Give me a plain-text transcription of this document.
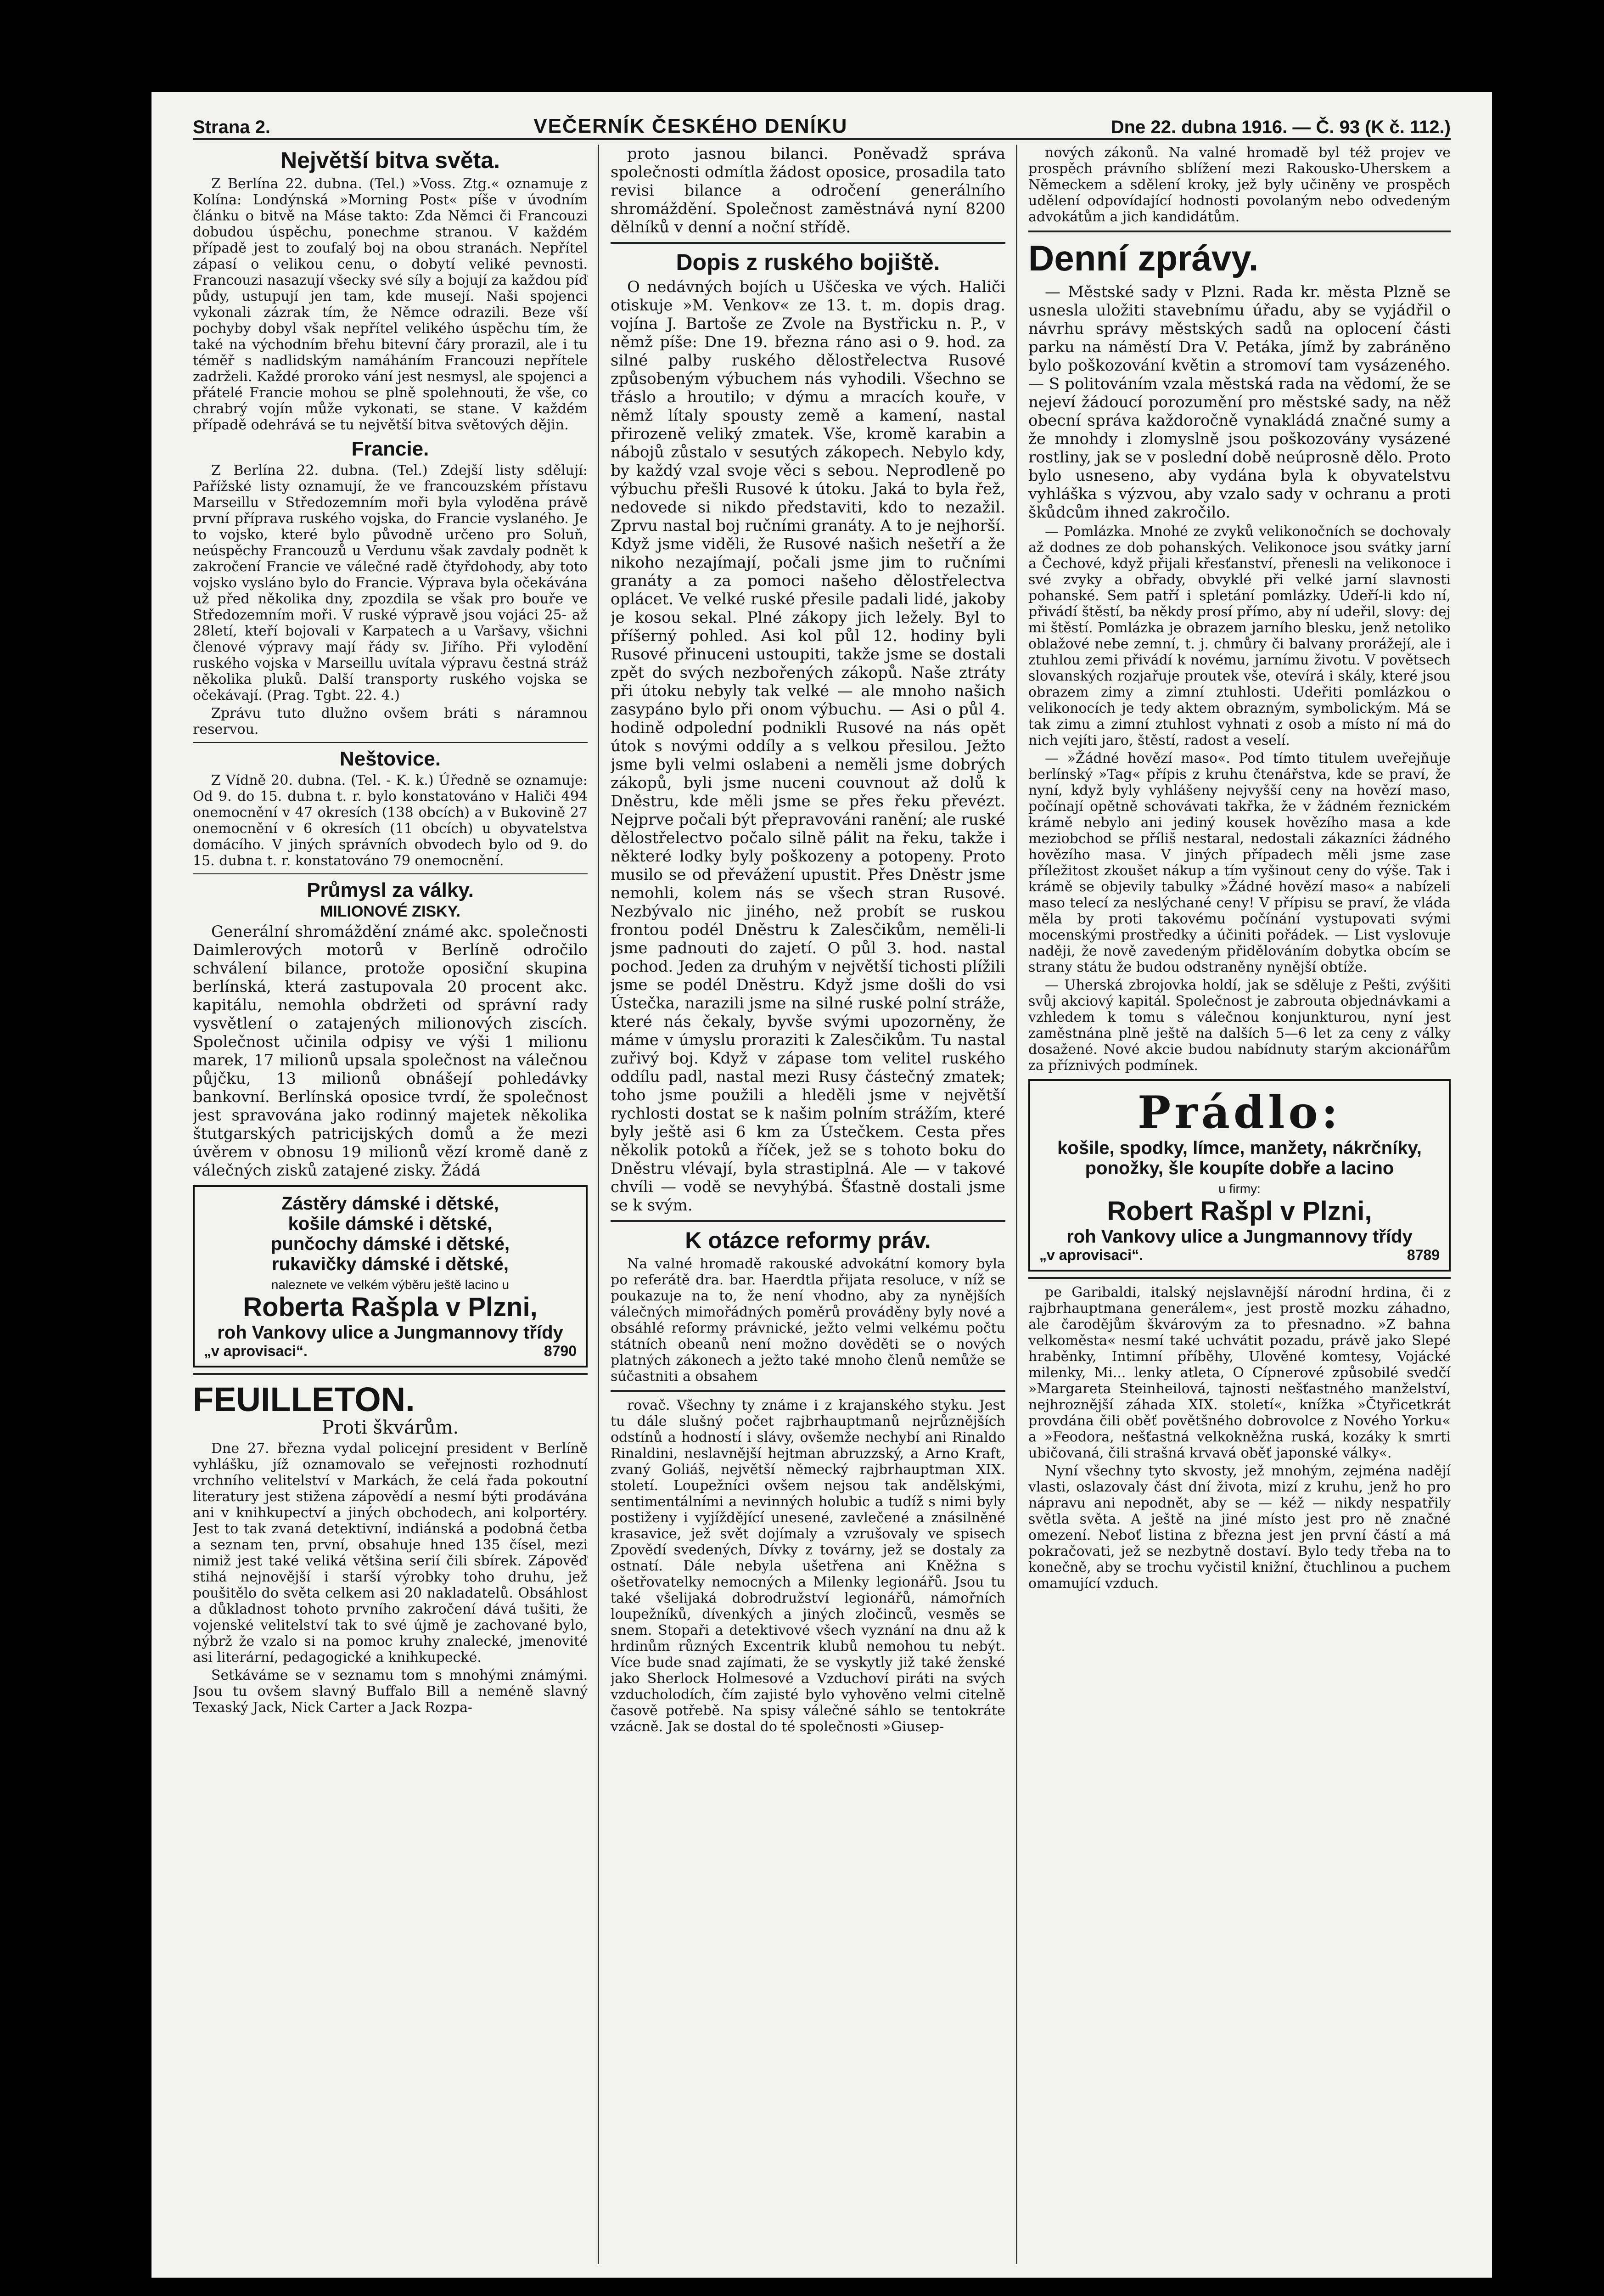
Strana 2.	VEČERNÍK ČESKÉHO DENÍKU	Dne 22. dubna 1916. — Č. 93 (K č. 112.)
Největší bitva světa.

Z Berlína 22. dubna. (Tel.) »Voss. Ztg.« oznamuje z Kolína: Londýnská »Morning Post« píše v úvodním článku o bitvě na Máse takto: Zda Němci či Francouzi dobudou úspěchu, ponechme stranou. V každém případě jest to zoufalý boj na obou stranách. Nepřítel zápasí o velikou cenu, o dobytí veliké pevnosti. Francouzi nasazují všecky své síly a bojují za každou píď půdy, ustupují jen tam, kde musejí. Naši spojenci vykonali zázrak tím, že Němce odrazili. Beze vší pochyby dobyl však nepřítel velikého úspěchu tím, že také na východním břehu bitevní čáry prorazil, ale i tu téměř s nadlidským namáháním Francouzi nepřítele zadrželi. Každé proroko vání jest nesmysl, ale spojenci a přátelé Francie mohou se plně spolehnouti, že vše, co chrabrý vojín může vykonati, se stane. V každém případě odehrává se tu největší bitva světových dějin.

Francie.

Z Berlína 22. dubna. (Tel.) Zdejší listy sdělují: Pařížské listy oznamují, že ve francouzském přístavu Marseillu v Středozemním moři byla vyloděna právě první příprava ruského vojska, do Francie vyslaného. Je to vojsko, které bylo původně určeno pro Soluň, neúspěchy Francouzů u Verdunu však zavdaly podnět k zakročení Francie ve válečné radě čtyřdohody, aby toto vojsko vysláno bylo do Francie. Výprava byla očekávána už před několika dny, zpozdila se však pro bouře ve Středozemním moři. V ruské výpravě jsou vojáci 25- až 28letí, kteří bojovali v Karpatech a u Varšavy, všichni členové výpravy mají řády sv. Jiřího. Při vylodění ruského vojska v Marseillu uvítala výpravu čestná stráž několika pluků. Další transporty ruského vojska se očekávají. (Prag. Tgbt. 22. 4.)

Zprávu tuto dlužno ovšem bráti s náramnou reservou.

Neštovice.

Z Vídně 20. dubna. (Tel. - K. k.) Úředně se oznamuje: Od 9. do 15. dubna t. r. bylo konstatováno v Haliči 494 onemocnění v 47 okresích (138 obcích) a v Bukovině 27 onemocnění v 6 okresích (11 obcích) u obyvatelstva domácího. V jiných správních obvodech bylo od 9. do 15. dubna t. r. konstatováno 79 onemocnění.

Průmysl za války.
MILIONOVÉ ZISKY.

Generální shromáždění známé akc. společnosti Daimlerových motorů v Berlíně odročilo schválení bilance, protože oposiční skupina berlínská, která zastupovala 20 procent akc. kapitálu, nemohla obdržeti od správní rady vysvětlení o zatajených milionových ziscích. Společnost učinila odpisy ve výši 1 milionu marek, 17 milionů upsala společnost na válečnou půjčku, 13 milionů obnášejí pohledávky bankovní. Berlínská oposice tvrdí, že společnost jest spravována jako rodinný majetek několika štutgarských patricijských domů a že mezi úvěrem v obnosu 19 milionů vězí kromě daně z válečných zisků zatajené zisky. Žádá

Zástěry dámské i dětské,
košile dámské i dětské,
punčochy dámské i dětské,
rukavičky dámské i dětské,
naleznete ve velkém výběru ještě lacino u
Roberta Rašpla v Plzni,
roh Vankovy ulice a Jungmannovy třídy
„v aprovisaci“.	8790
FEUILLETON.
Proti škvárům.

Dne 27. března vydal policejní president v Berlíně vyhlášku, jíž oznamovalo se veřejnosti rozhodnutí vrchního velitelství v Markách, že celá řada pokoutní literatury jest stižena zápovědí a nesmí býti prodávána ani v knihkupectví a jiných obchodech, ani kolportéry. Jest to tak zvaná detektivní, indiánská a podobná četba a seznam ten, první, obsahuje hned 135 čísel, mezi nimiž jest také veliká většina serií čili sbírek. Zápověď stihá nejnovější i starší výrobky toho druhu, jež poušitělo do světa celkem asi 20 nakladatelů. Obsáhlost a důkladnost tohoto prvního zakročení dává tušiti, že vojenské velitelství tak to své újmě je zachované bylo, nýbrž že vzalo si na pomoc kruhy znalecké, jmenovité asi literární, pedagogické a knihkupecké.

Setkáváme se v seznamu tom s mnohými známými. Jsou tu ovšem slavný Buffalo Bill a neméně slavný Texaský Jack, Nick Carter a Jack Rozpa-

proto jasnou bilanci. Poněvadž správa společnosti odmítla žádost oposice, prosadila tato revisi bilance a odročení generálního shromáždění. Společnost zaměstnává nyní 8200 dělníků v denní a noční střídě.

Dopis z ruského bojiště.

O nedávných bojích u Uščeska ve vých. Haliči otiskuje »M. Venkov« ze 13. t. m. dopis drag. vojína J. Bartoše ze Zvole na Bystřicku n. P., v němž píše: Dne 19. března ráno asi o 9. hod. za silné palby ruského dělostřelectva Rusové způsobeným výbuchem nás vyhodili. Všechno se třáslo a hroutilo; v dýmu a mracích kouře, v němž lítaly spousty země a kamení, nastal přirozeně veliký zmatek. Vše, kromě karabin a nábojů zůstalo v sesutých zákopech. Nebylo kdy, by každý vzal svoje věci s sebou. Neprodleně po výbuchu přešli Rusové k útoku. Jaká to byla řež, nedovede si nikdo představiti, kdo to nezažil. Zprvu nastal boj ručními granáty. A to je nejhorší. Když jsme viděli, že Rusové našich nešetří a že nikoho nezajímají, počali jsme jim to ručními granáty a za pomoci našeho dělostřelectva oplácet. Ve velké ruské přesile padali lidé, jakoby je kosou sekal. Plné zákopy jich ležely. Byl to příšerný pohled. Asi kol půl 12. hodiny byli Rusové přinuceni ustoupiti, takže jsme se dostali zpět do svých nezbořených zákopů. Naše ztráty při útoku nebyly tak velké — ale mnoho našich zasypáno bylo při onom výbuchu. — Asi o půl 4. hodině odpolední podnikli Rusové na nás opět útok s novými oddíly a s velkou přesilou. Ježto jsme byli velmi oslabeni a neměli jsme dobrých zákopů, byli jsme nuceni couvnout až dolů k Dněstru, kde měli jsme se přes řeku převézt. Nejprve počali být přepravováni ranění; ale ruské dělostřelectvo počalo silně pálit na řeku, takže i některé lodky byly poškozeny a potopeny. Proto musilo se od převážení upustit. Přes Dněstr jsme nemohli, kolem nás se všech stran Rusové. Nezbývalo nic jiného, než probít se ruskou frontou podél Dněstru k Zalesčikům, neměli-li jsme padnouti do zajetí. O půl 3. hod. nastal pochod. Jeden za druhým v největší tichosti plížili jsme se podél Dněstru. Když jsme došli do vsi Ústečka, narazili jsme na silné ruské polní stráže, které nás čekaly, byvše svými upozorněny, že máme v úmyslu proraziti k Zalesčikům. Tu nastal zuřivý boj. Když v zápase tom velitel ruského oddílu padl, nastal mezi Rusy částečný zmatek; toho jsme použili a hleděli jsme v největší rychlosti dostat se k našim polním strážím, které byly ještě asi 6 km za Ústečkem. Cesta přes několik potoků a říček, jež se s tohoto boku do Dněstru vlévají, byla strastiplná. Ale — v takové chvíli — vodě se nevyhýbá. Šťastně dostali jsme se k svým.

K otázce reformy práv.

Na valné hromadě rakouské advokátní komory byla po referátě dra. bar. Haerdtla přijata resoluce, v níž se poukazuje na to, že není vhodno, aby za nynějších válečných mimořádných poměrů prováděny byly nové a obsáhlé reformy právnické, ježto velmi velkému počtu státních obeanů není možno dověděti se o nových platných zákonech a ježto také mnoho členů nemůže se súčastniti a obsahem

rovač. Všechny ty známe i z krajanského styku. Jest tu dále slušný počet rajbrhauptmanů nejrůznějších odstínů a hodností i slávy, ovšemže nechybí ani Rinaldo Rinaldini, neslavnější hejtman abruzzský, a Arno Kraft, zvaný Goliáš, největší německý rajbrhauptman XIX. století. Loupežníci ovšem nejsou tak andělskými, sentimentálními a nevinných holubic a tudíž s nimi byly postiženy i vyjíždějící unesené, zavlečené a znásilněné krasavice, jež svět dojímaly a vzrušovaly ve spisech Zpovědí svedených, Dívky z továrny, jež se dostaly za ostnatí. Dále nebyla ušetřena ani Kněžna s ošetřovatelky nemocných a Milenky legionářů. Jsou tu také všelijaká dobrodružství legionářů, námořních loupežníků, dívenkých a jiných zločinců, vesměs se snem. Stopaři a detektivové všech vyznání na dnu až k hrdinům různých Excentrik klubů nemohou tu nebýt. Více bude snad zajímati, že se vyskytly již také ženské jako Sherlock Holmesové a Vzduchoví piráti na svých vzducholodích, čím zajisté bylo vyhověno velmi citelně časově potřebě. Na spisy válečné sáhlo se tentokráte vzácně. Jak se dostal do té společnosti »Giusep-

nových zákonů. Na valné hromadě byl též projev ve prospěch právního sblížení mezi Rakousko-Uherskem a Německem a sdělení kroky, jež byly učiněny ve prospěch udělení odpovídající hodnosti povolaným nebo odvedeným advokátům a jich kandidátům.

Denní zprávy.

— Městské sady v Plzni. Rada kr. města Plzně se usnesla uložiti stavebnímu úřadu, aby se vyjádřil o návrhu správy městských sadů na oplocení části parku na náměstí Dra V. Petáka, jímž by zabráněno bylo poškozování květin a stromoví tam vysázeného. — S politováním vzala městská rada na vědomí, že se nejeví žádoucí porozumění pro městské sady, na něž obecní správa každoročně vynakládá značné sumy a že mnohdy i zlomyslně jsou poškozovány vysázené rostliny, jak se v poslední době neúprosně dělo. Proto bylo usneseno, aby vydána byla k obyvatelstvu vyhláška s výzvou, aby vzalo sady v ochranu a proti škůdcům ihned zakročilo.

— Pomlázka. Mnohé ze zvyků velikonočních se dochovaly až dodnes ze dob pohanských. Velikonoce jsou svátky jarní a Čechové, když přijali křesťanství, přenesli na velikonoce i své zvyky a obřady, obvyklé při velké jarní slavnosti pohanské. Sem patří i spletání pomlázky. Udeří-li kdo ní, přivádí štěstí, ba někdy prosí přímo, aby ní udeřil, slovy: dej mi štěstí. Pomlázka je obrazem jarního blesku, jenž netoliko oblažové nebe zemní, t. j. chmůry či balvany prorážejí, ale i ztuhlou zemi přivádí k novému, jarnímu životu. V povětsech slovanských rozjařuje proutek vše, otevírá i skály, které jsou obrazem zimy a zimní ztuhlosti. Udeřiti pomlázkou o velikonocích je tedy aktem obrazným, symbolickým. Má se tak zimu a zimní ztuhlost vyhnati z osob a místo ní má do nich vejíti jaro, štěstí, radost a veselí.

— »Žádné hovězí maso«. Pod tímto titulem uveřejňuje berlínský »Tag« přípis z kruhu čtenářstva, kde se praví, že nyní, když byly vyhlášeny nejvyšší ceny na hovězí maso, počínají opětně schovávati takřka, že v žádném řeznickém krámě nebylo ani jediný kousek hovězího masa a kde meziobchod se příliš nestaral, nedostali zákazníci žádného hovězího masa. V jiných případech měli jsme zase příležitost zkoušet nákup a tím vyšinout ceny do výše. Tak i krámě se objevily tabulky »Žádné hovězí maso« a nabízeli maso telecí za neslýchané ceny! V přípisu se praví, že vláda měla by proti takovému počínání vystupovati svými mocenskými prostředky a účiniti pořádek. — List vyslovuje naději, že nově zavedeným přidělováním dobytka obcím se strany státu že budou odstraněny nynější obtíže.

— Uherská zbrojovka holdí, jak se sděluje z Pešti, zvýšiti svůj akciový kapitál. Společnost je zabrouta objednávkami a vzhledem k tomu s válečnou konjunkturou, nyní jest zaměstnána plně ještě na dalších 5—6 let za ceny z války dosažené. Nové akcie budou nabídnuty starým akcionářům za příznivých podmínek.

Prádlo:
košile, spodky, límce, manžety, nákrčníky,
ponožky, šle koupíte dobře a lacino
u firmy:
Robert Rašpl v Plzni,
roh Vankovy ulice a Jungmannovy třídy
„v aprovisaci“.	8789

pe Garibaldi, italský nejslavnější národní hrdina, či z rajbrhauptmana generálem«, jest prostě mozku záhadno, ale čarodějům škvárovým za to přesnadno. »Z bahna velkoměsta« nesmí také uchvátit pozadu, právě jako Slepé hraběnky, Intimní příběhy, Ulověné komtesy, Vojácké milenky, Mi... lenky atleta, O Cípnerové způsobilé svedčí »Margareta Steinheilová, tajnosti nešťastného manželství, nejhroznější záhada XIX. století«, knížka »Čtyřicetkrát provdána čili oběť povětšného dobrovolce z Nového Yorku« a »Feodora, nešťastná velkokněžna ruská, kozáky k smrti ubičovaná, čili strašná krvavá oběť japonské války«.

Nyní všechny tyto skvosty, jež mnohým, zejména nadějí vlasti, oslazovaly část dní života, mizí z kruhu, jenž ho pro nápravu ani nepodnět, aby se — kéž — nikdy nespatřily světla světa. A ještě na jiné místo jest pro ně značné omezení. Neboť listina z března jest jen první částí a má pokračovati, jež se nezbytně dostaví. Bylo tedy třeba na to konečně, aby se trochu vyčistil knižní, čtuchlinou a puchem omamující vzduch.
